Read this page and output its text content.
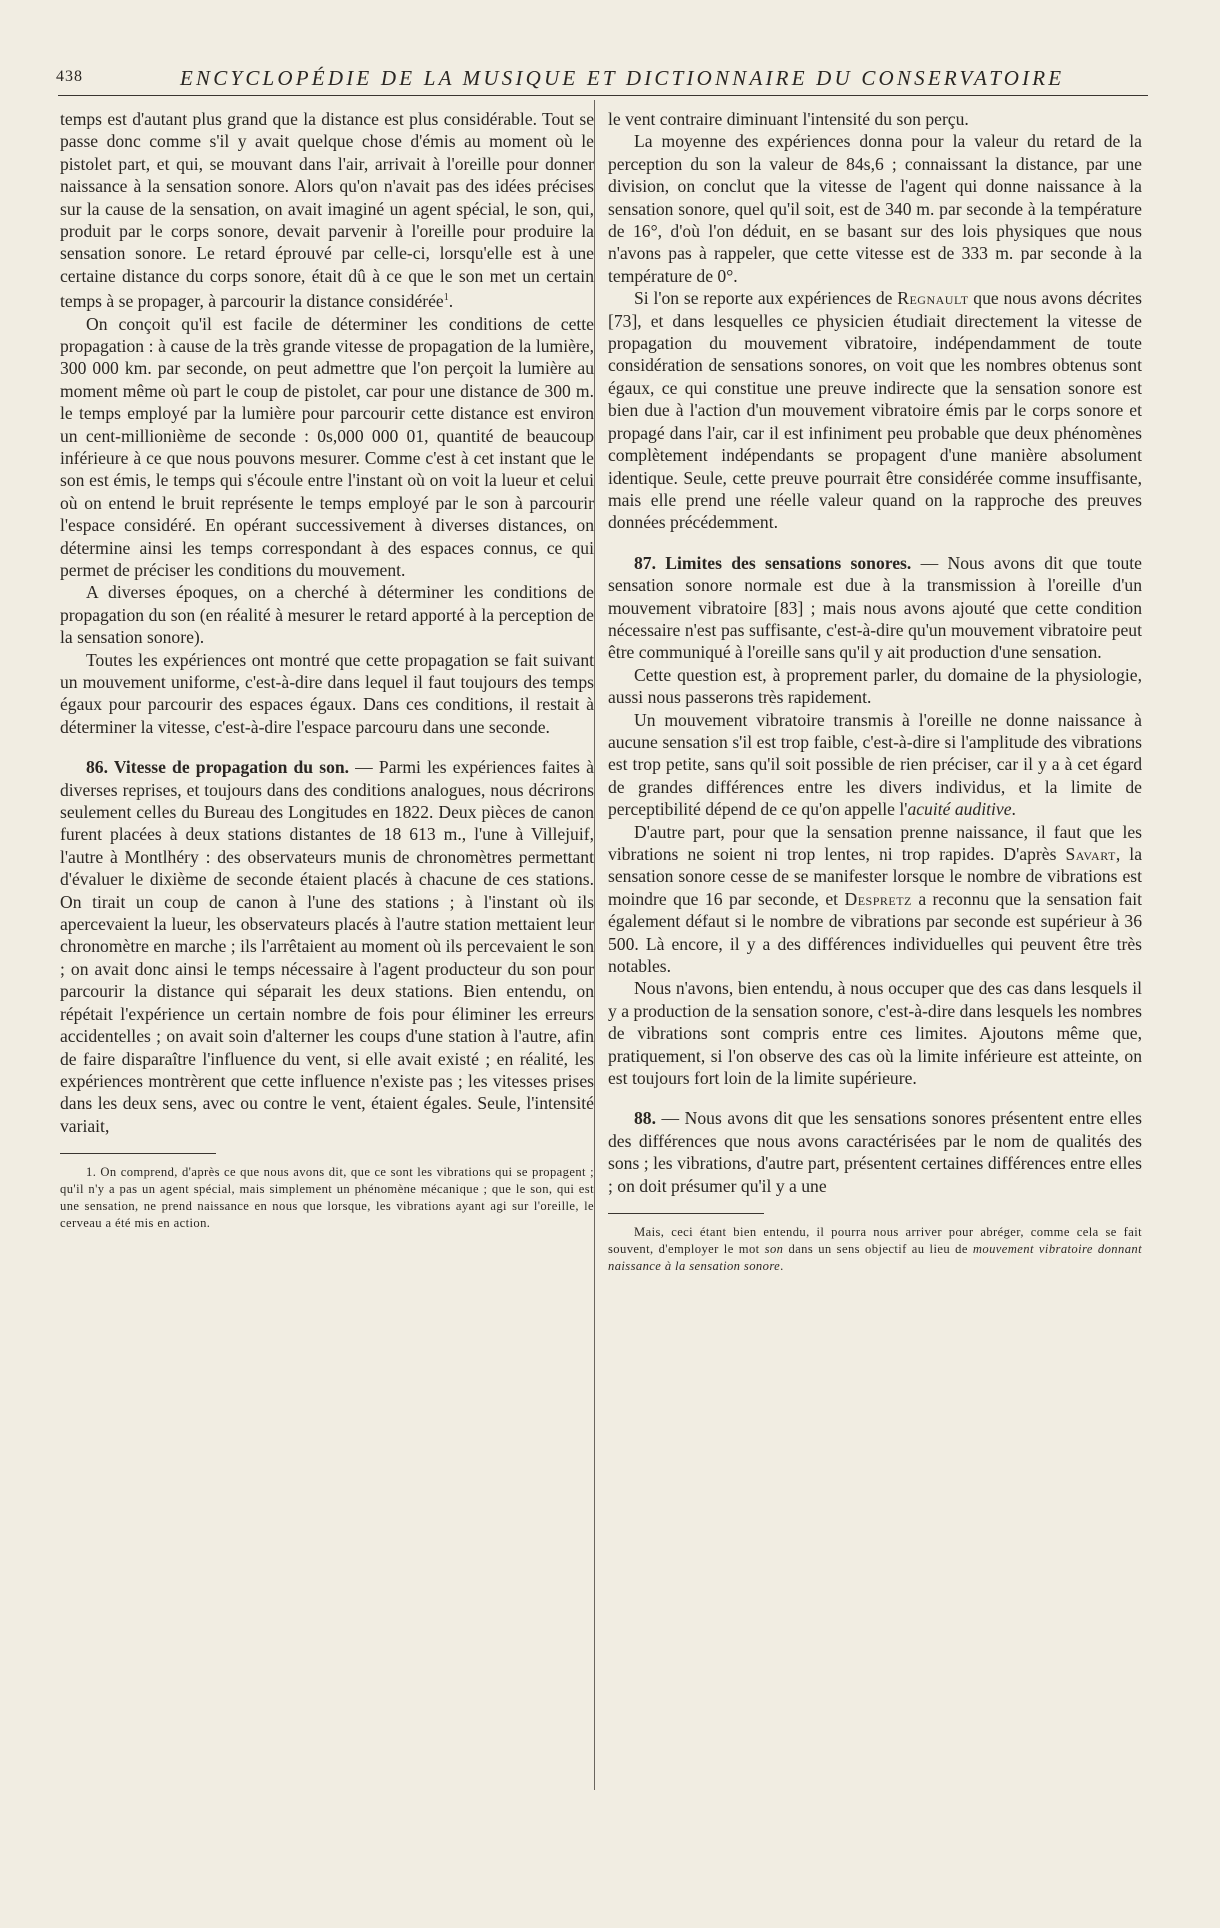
438	ENCYCLOPÉDIE DE LA MUSIQUE ET DICTIONNAIRE DU CONSERVATOIRE

temps est d'autant plus grand que la distance est plus considérable. Tout se passe donc comme s'il y avait quelque chose d'émis au moment où le pistolet part, et qui, se mouvant dans l'air, arrivait à l'oreille pour donner naissance à la sensation sonore. Alors qu'on n'avait pas des idées précises sur la cause de la sensation, on avait imaginé un agent spécial, le son, qui, produit par le corps sonore, devait parvenir à l'oreille pour produire la sensation sonore. Le retard éprouvé par celle-ci, lorsqu'elle est à une certaine distance du corps sonore, était dû à ce que le son met un certain temps à se propager, à parcourir la distance considérée$^1$.

On conçoit qu'il est facile de déterminer les conditions de cette propagation : à cause de la très grande vitesse de propagation de la lumière, 300 000 km. par seconde, on peut admettre que l'on perçoit la lumière au moment même où part le coup de pistolet, car pour une distance de 300 m. le temps employé par la lumière pour parcourir cette distance est environ un cent-millionième de seconde : 0s,000 000 01, quantité de beaucoup inférieure à ce que nous pouvons mesurer. Comme c'est à cet instant que le son est émis, le temps qui s'écoule entre l'instant où on voit la lueur et celui où on entend le bruit représente le temps employé par le son à parcourir l'espace considéré. En opérant successivement à diverses distances, on détermine ainsi les temps correspondant à des espaces connus, ce qui permet de préciser les conditions du mouvement.

A diverses époques, on a cherché à déterminer les conditions de propagation du son (en réalité à mesurer le retard apporté à la perception de la sensation sonore).

Toutes les expériences ont montré que cette propagation se fait suivant un mouvement uniforme, c'est-à-dire dans lequel il faut toujours des temps égaux pour parcourir des espaces égaux. Dans ces conditions, il restait à déterminer la vitesse, c'est-à-dire l'espace parcouru dans une seconde.

86. Vitesse de propagation du son. — Parmi les expériences faites à diverses reprises, et toujours dans des conditions analogues, nous décrirons seulement celles du Bureau des Longitudes en 1822. Deux pièces de canon furent placées à deux stations distantes de 18 613 m., l'une à Villejuif, l'autre à Montlhéry : des observateurs munis de chronomètres permettant d'évaluer le dixième de seconde étaient placés à chacune de ces stations. On tirait un coup de canon à l'une des stations ; à l'instant où ils apercevaient la lueur, les observateurs placés à l'autre station mettaient leur chronomètre en marche ; ils l'arrêtaient au moment où ils percevaient le son ; on avait donc ainsi le temps nécessaire à l'agent producteur du son pour parcourir la distance qui séparait les deux stations. Bien entendu, on répétait l'expérience un certain nombre de fois pour éliminer les erreurs accidentelles ; on avait soin d'alterner les coups d'une station à l'autre, afin de faire disparaître l'influence du vent, si elle avait existé ; en réalité, les expériences montrèrent que cette influence n'existe pas ; les vitesses prises dans les deux sens, avec ou contre le vent, étaient égales. Seule, l'intensité variait,

1. On comprend, d'après ce que nous avons dit, que ce sont les vibrations qui se propagent ; qu'il n'y a pas un agent spécial, mais simplement un phénomène mécanique ; que le son, qui est une sensation, ne prend naissance en nous que lorsque, les vibrations ayant agi sur l'oreille, le cerveau a été mis en action.

le vent contraire diminuant l'intensité du son perçu.

La moyenne des expériences donna pour la valeur du retard de la perception du son la valeur de 84s,6 ; connaissant la distance, par une division, on conclut que la vitesse de l'agent qui donne naissance à la sensation sonore, quel qu'il soit, est de 340 m. par seconde à la température de 16°, d'où l'on déduit, en se basant sur des lois physiques que nous n'avons pas à rappeler, que cette vitesse est de 333 m. par seconde à la température de 0°.

Si l'on se reporte aux expériences de Regnault que nous avons décrites [73], et dans lesquelles ce physicien étudiait directement la vitesse de propagation du mouvement vibratoire, indépendamment de toute considération de sensations sonores, on voit que les nombres obtenus sont égaux, ce qui constitue une preuve indirecte que la sensation sonore est bien due à l'action d'un mouvement vibratoire émis par le corps sonore et propagé dans l'air, car il est infiniment peu probable que deux phénomènes complètement indépendants se propagent d'une manière absolument identique. Seule, cette preuve pourrait être considérée comme insuffisante, mais elle prend une réelle valeur quand on la rapproche des preuves données précédemment.

87. Limites des sensations sonores. — Nous avons dit que toute sensation sonore normale est due à la transmission à l'oreille d'un mouvement vibratoire [83] ; mais nous avons ajouté que cette condition nécessaire n'est pas suffisante, c'est-à-dire qu'un mouvement vibratoire peut être communiqué à l'oreille sans qu'il y ait production d'une sensation.

Cette question est, à proprement parler, du domaine de la physiologie, aussi nous passerons très rapidement.

Un mouvement vibratoire transmis à l'oreille ne donne naissance à aucune sensation s'il est trop faible, c'est-à-dire si l'amplitude des vibrations est trop petite, sans qu'il soit possible de rien préciser, car il y a à cet égard de grandes différences entre les divers individus, et la limite de perceptibilité dépend de ce qu'on appelle l'acuité auditive.

D'autre part, pour que la sensation prenne naissance, il faut que les vibrations ne soient ni trop lentes, ni trop rapides. D'après Savart, la sensation sonore cesse de se manifester lorsque le nombre de vibrations est moindre que 16 par seconde, et Despretz a reconnu que la sensation fait également défaut si le nombre de vibrations par seconde est supérieur à 36 500. Là encore, il y a des différences individuelles qui peuvent être très notables.

Nous n'avons, bien entendu, à nous occuper que des cas dans lesquels il y a production de la sensation sonore, c'est-à-dire dans lesquels les nombres de vibrations sont compris entre ces limites. Ajoutons même que, pratiquement, si l'on observe des cas où la limite inférieure est atteinte, on est toujours fort loin de la limite supérieure.

88. — Nous avons dit que les sensations sonores présentent entre elles des différences que nous avons caractérisées par le nom de qualités des sons ; les vibrations, d'autre part, présentent certaines différences entre elles ; on doit présumer qu'il y a une

Mais, ceci étant bien entendu, il pourra nous arriver pour abréger, comme cela se fait souvent, d'employer le mot son dans un sens objectif au lieu de mouvement vibratoire donnant naissance à la sensation sonore.
